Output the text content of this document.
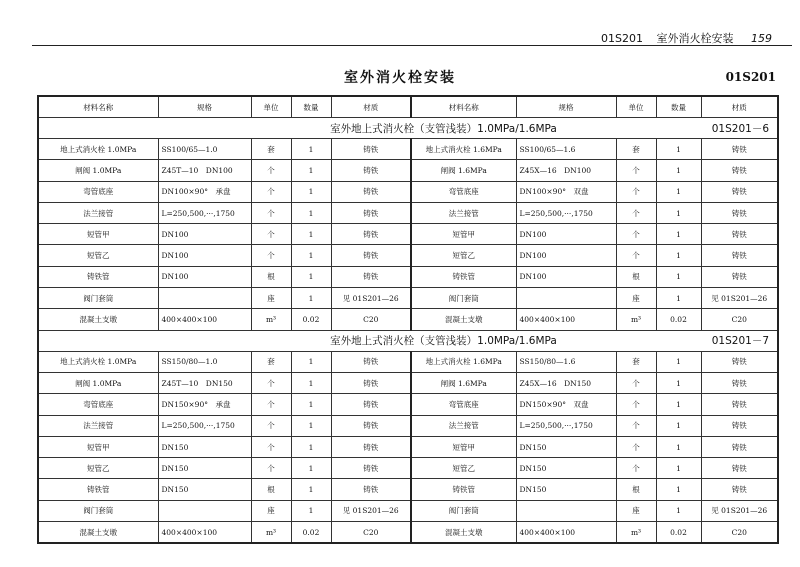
01S201 室外消火栓安装 159
室外消火栓安装	01S201
材料名称	规格	单位	数量	材质	材料名称	规格	单位	数量	材质
室外地上式消火栓（支管浅装）1.0MPa/1.6MPa									01S201－6
地上式消火栓 1.0MPa	SS100/65—1.0	套	1	铸铁	地上式消火栓 1.6MPa	SS100/65—1.6	套	1	铸铁
闸阀 1.0MPa	Z45T—10　DN100	个	1	铸铁	闸阀 1.6MPa	Z45X—16　DN100	个	1	铸铁
弯管底座	DN100×90°　承盘	个	1	铸铁	弯管底座	DN100×90°　双盘	个	1	铸铁
法兰接管	L=250,500,···,1750	个	1	铸铁	法兰接管	L=250,500,···,1750	个	1	铸铁
短管甲	DN100	个	1	铸铁	短管甲	DN100	个	1	铸铁
短管乙	DN100	个	1	铸铁	短管乙	DN100	个	1	铸铁
铸铁管	DN100	根	1	铸铁	铸铁管	DN100	根	1	铸铁
阀门套筒		座	1	见 01S201—26	阀门套筒		座	1	见 01S201—26
混凝土支墩	400×400×100	m³	0.02	C20	混凝土支墩	400×400×100	m³	0.02	C20
室外地上式消火栓（支管浅装）1.0MPa/1.6MPa									01S201－7
地上式消火栓 1.0MPa	SS150/80—1.0	套	1	铸铁	地上式消火栓 1.6MPa	SS150/80—1.6	套	1	铸铁
闸阀 1.0MPa	Z45T—10　DN150	个	1	铸铁	闸阀 1.6MPa	Z45X—16　DN150	个	1	铸铁
弯管底座	DN150×90°　承盘	个	1	铸铁	弯管底座	DN150×90°　双盘	个	1	铸铁
法兰接管	L=250,500,···,1750	个	1	铸铁	法兰接管	L=250,500,···,1750	个	1	铸铁
短管甲	DN150	个	1	铸铁	短管甲	DN150	个	1	铸铁
短管乙	DN150	个	1	铸铁	短管乙	DN150	个	1	铸铁
铸铁管	DN150	根	1	铸铁	铸铁管	DN150	根	1	铸铁
阀门套筒		座	1	见 01S201—26	阀门套筒		座	1	见 01S201—26
混凝土支墩	400×400×100	m³	0.02	C20	混凝土支墩	400×400×100	m³	0.02	C20
